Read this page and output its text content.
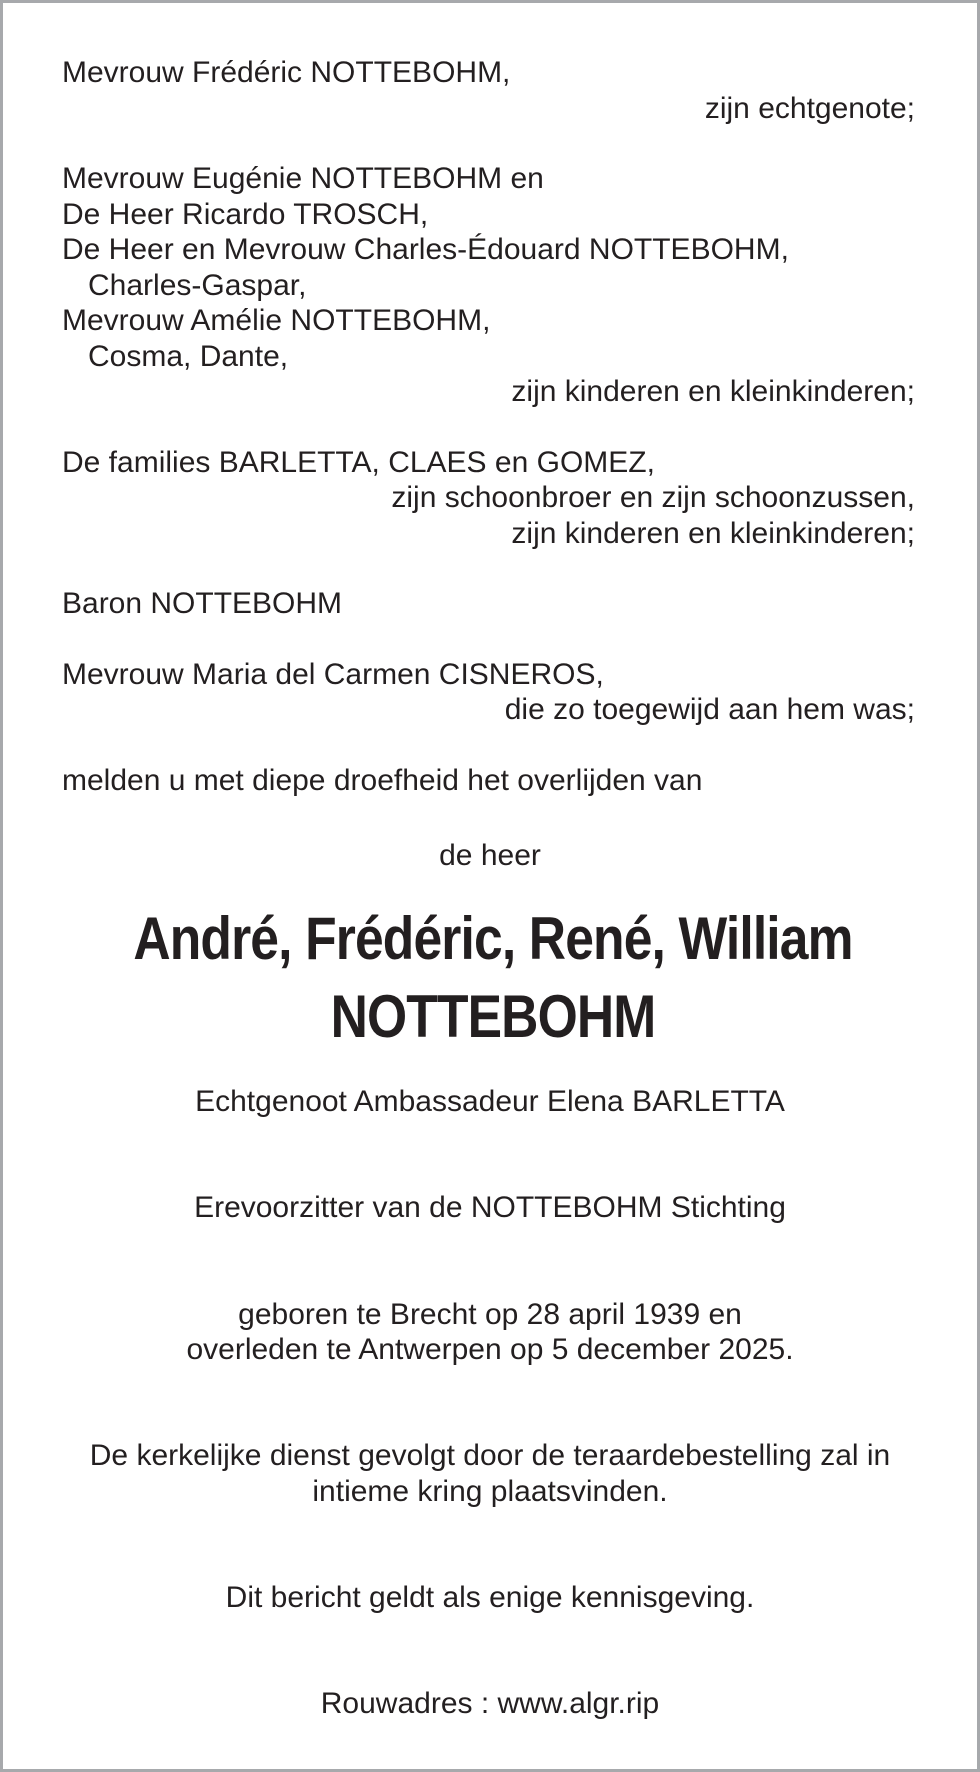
Mevrouw Frédéric NOTTEBOHM,
zijn echtgenote;
Mevrouw Eugénie NOTTEBOHM en
De Heer Ricardo TROSCH,
De Heer en Mevrouw Charles-Édouard NOTTEBOHM,
Charles-Gaspar,
Mevrouw Amélie NOTTEBOHM,
Cosma, Dante,
zijn kinderen en kleinkinderen;
De families BARLETTA, CLAES en GOMEZ,
zijn schoonbroer en zijn schoonzussen,
zijn kinderen en kleinkinderen;
Baron NOTTEBOHM
Mevrouw Maria del Carmen CISNEROS,
die zo toegewijd aan hem was;
melden u met diepe droefheid het overlijden van
de heer
André, Frédéric, René, William
NOTTEBOHM
Echtgenoot Ambassadeur Elena BARLETTA
Erevoorzitter van de NOTTEBOHM Stichting
geboren te Brecht op 28 april 1939 en
overleden te Antwerpen op 5 december 2025.
De kerkelijke dienst gevolgt door de teraardebestelling zal in
intieme kring plaatsvinden.
Dit bericht geldt als enige kennisgeving.
Rouwadres : www.algr.rip
